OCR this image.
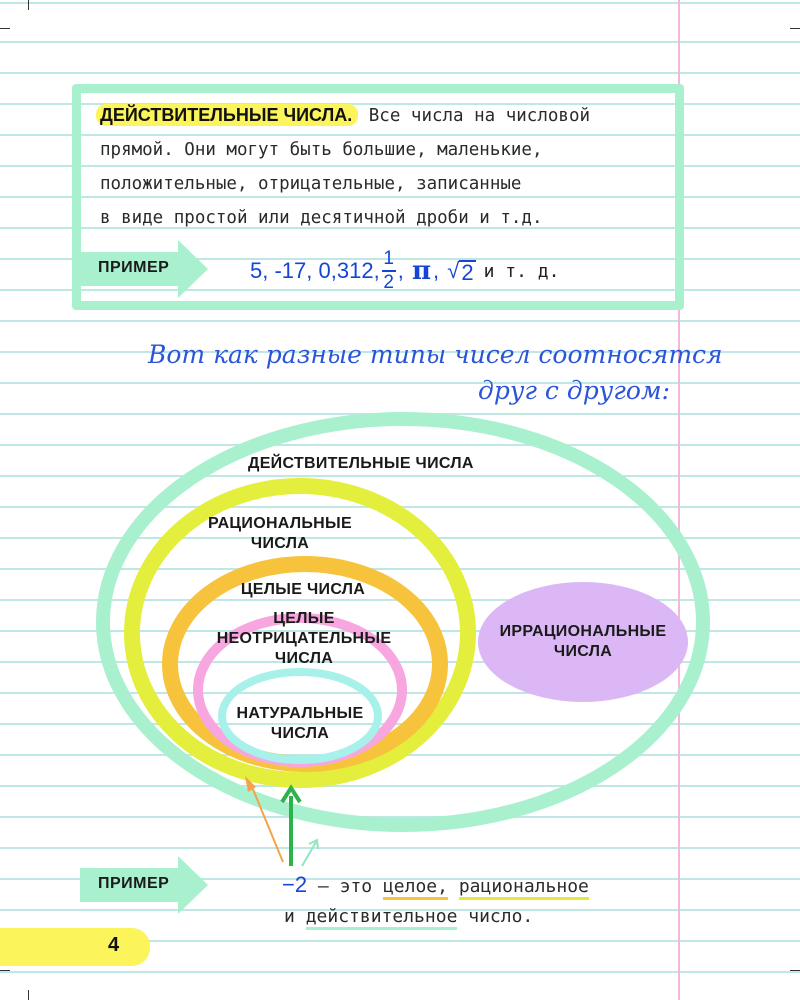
ДЕЙСТВИТЕЛЬНЫЕ ЧИСЛА. Все числа на числовой
прямой. Они могут быть большие, маленькие,
положительные, отрицательные, записанные
в виде простой или десятичной дроби и т.д.
ПРИМЕР	5,
-17,
0,312, $\frac{1}{2}$ ,
π ,
√ 2 и т. д.
Вот как разные типы чисел соотносятся
друг с другом:
ДЕЙСТВИТЕЛЬНЫЕ ЧИСЛА
РАЦИОНАЛЬНЫЕ
ЧИСЛА
ЦЕЛЫЕ ЧИСЛА
ЦЕЛЫЕ
НЕОТРИЦАТЕЛЬНЫЕ
ЧИСЛА
НАТУРАЛЬНЫЕ
ЧИСЛА
ИРРАЦИОНАЛЬНЫЕ
ЧИСЛА
ПРИМЕР	−2 – это целое, рациональное
и действительное число.
4
